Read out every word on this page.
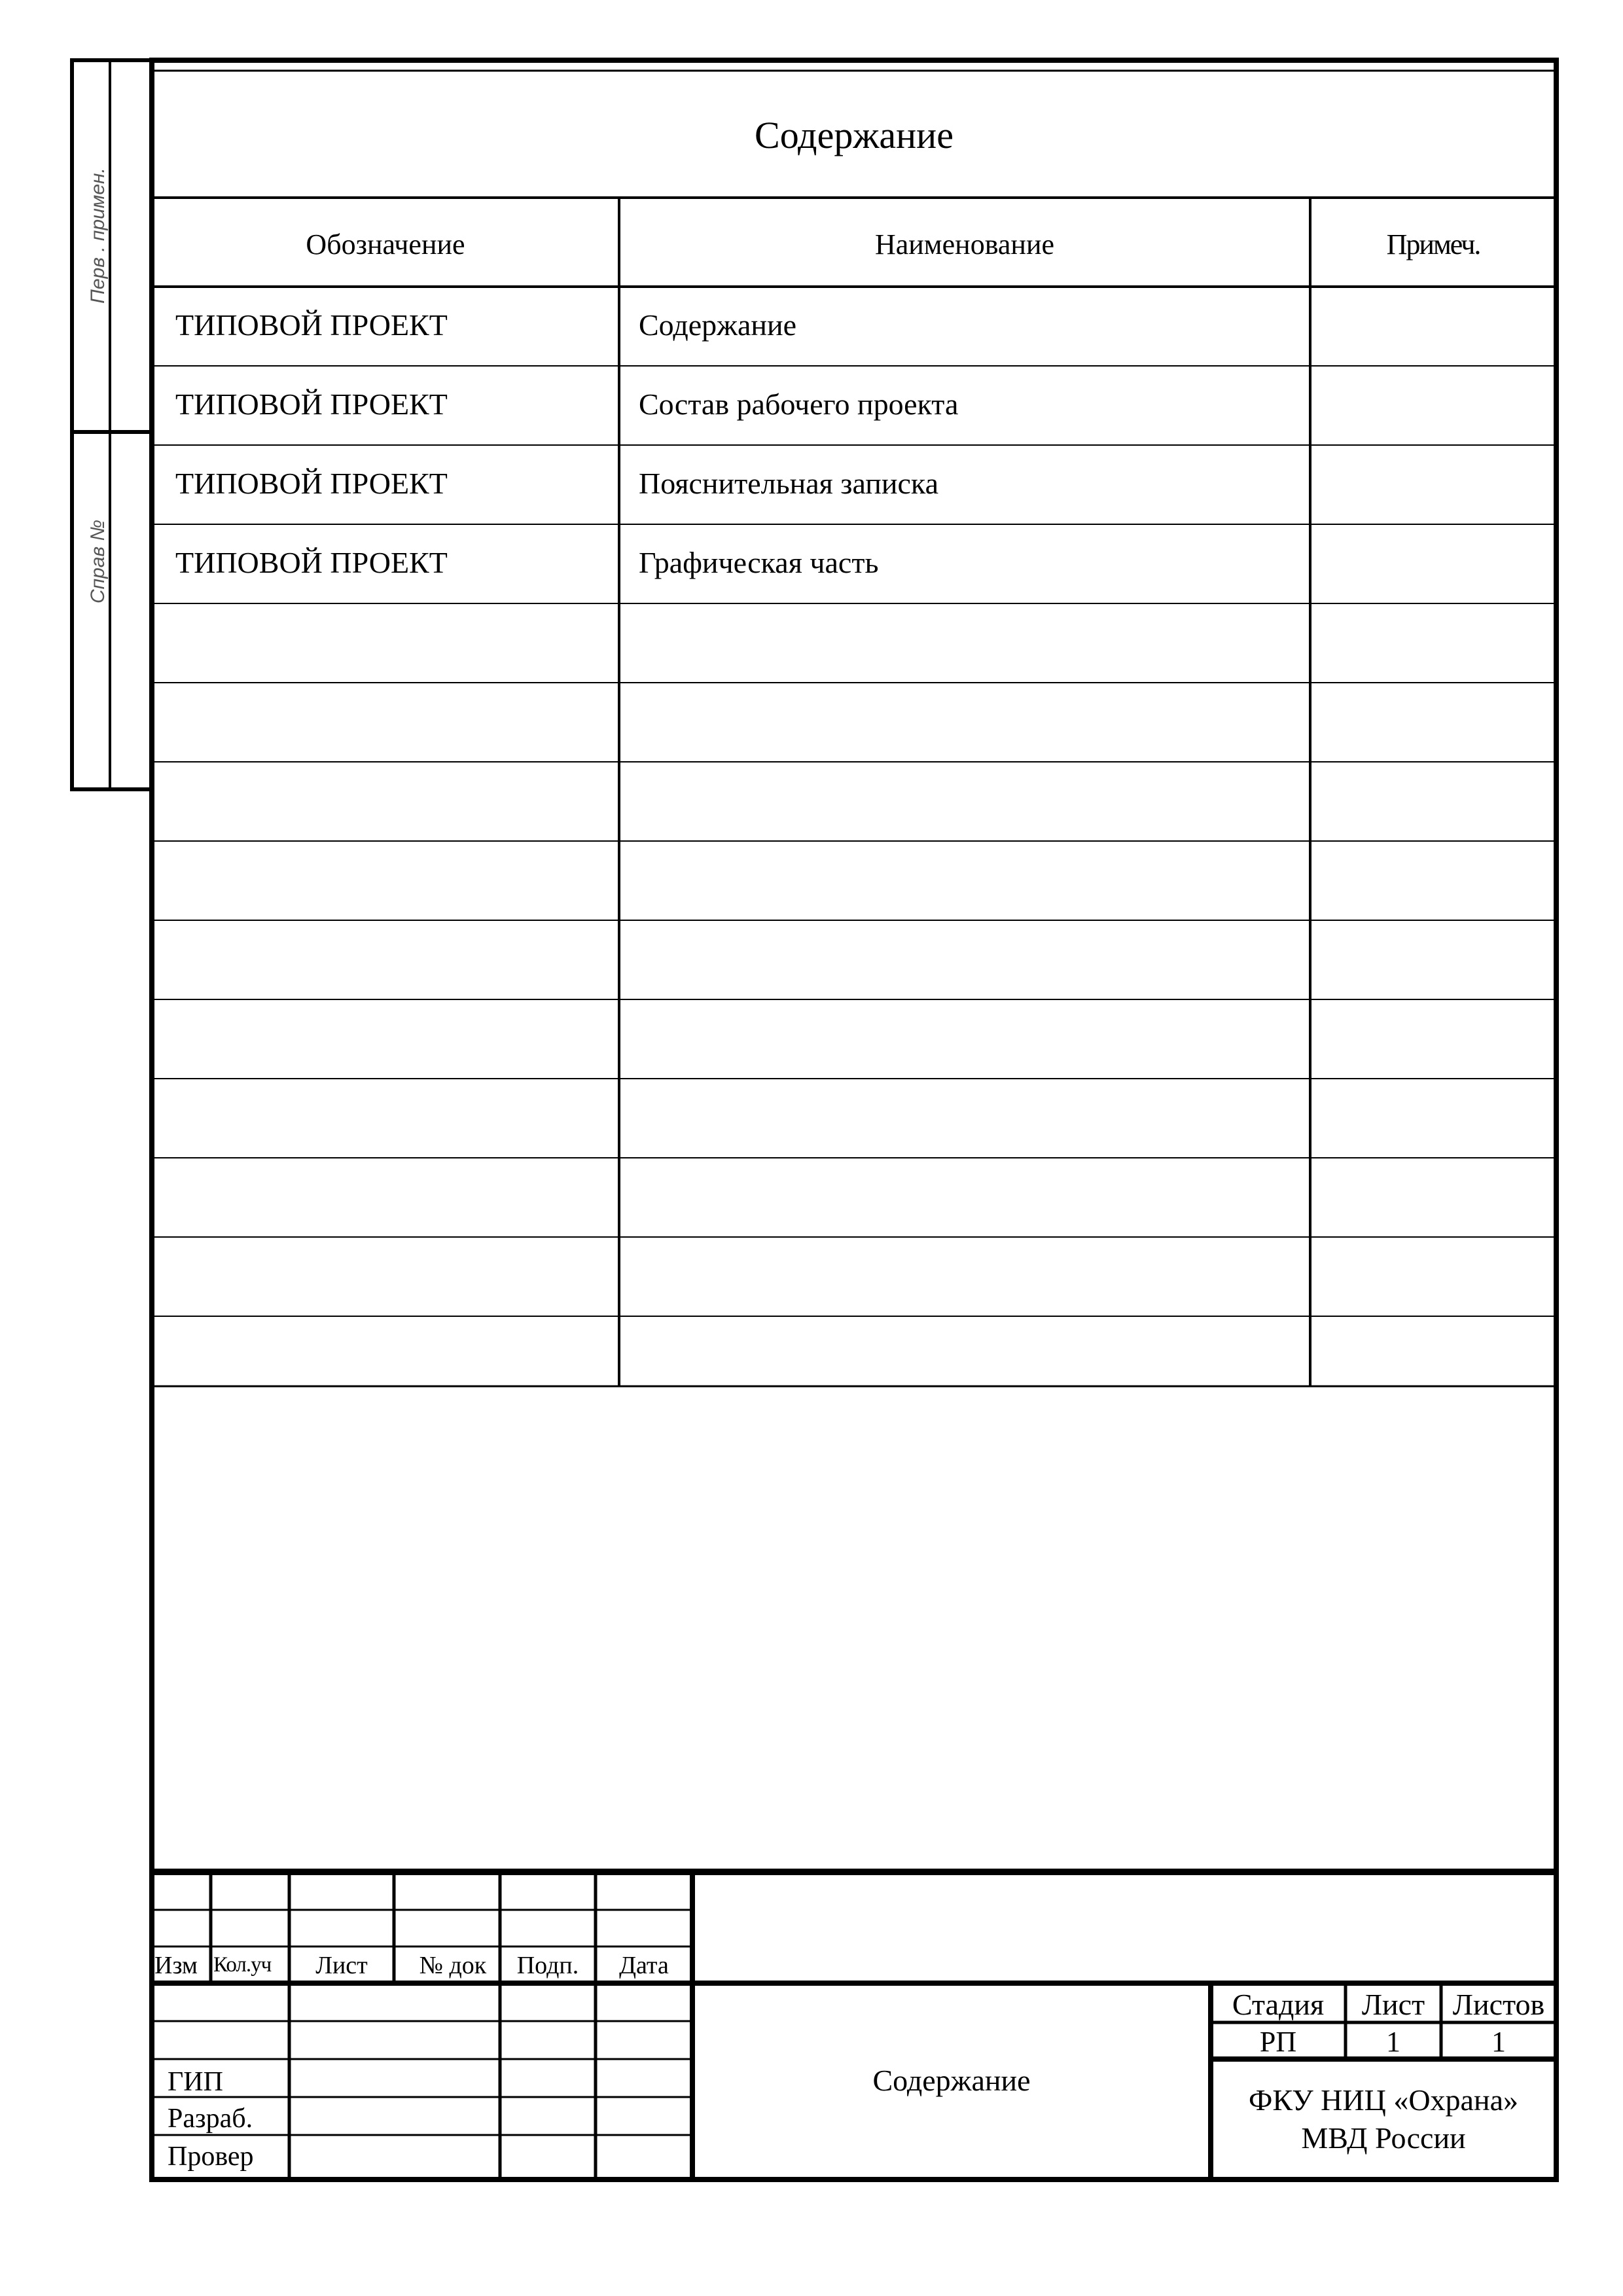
Перв . примен.
Справ №
Содержание
Обозначение	Наименование	Примеч.
ТИПОВОЙ ПРОЕКТ	Содержание
ТИПОВОЙ ПРОЕКТ	Состав рабочего проекта
ТИПОВОЙ ПРОЕКТ	Пояснительная записка
ТИПОВОЙ ПРОЕКТ	Графическая часть
Изм Кол.уч	Лист	№ док	Подп.	Дата
ГИП
Разраб.
Провер
Содержание
Стадия	Лист Листов
РП	1	1
ФКУ НИЦ «Охрана»
МВД России
